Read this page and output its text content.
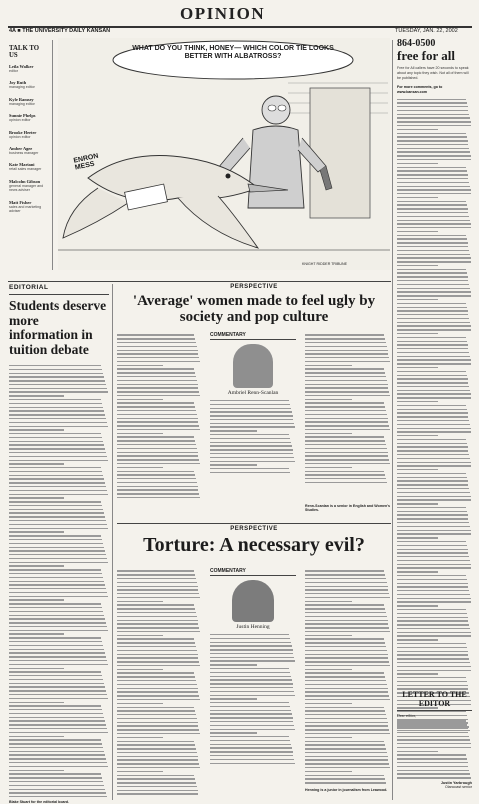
OPINION
4A ■ THE UNIVERSITY DAILY KANSAN	TUESDAY, JAN. 22, 2002
TALK TO US
Leila Walker
editor
Joy Ruth
managing editor
Kyle Ramsey
managing editor
Sunnie Phelps
opinion editor
Brooke Heeter
opinion editor
Amber Agee
business manager
Kate Mariani
retail sales manager
Malcolm Gibson
general manager and news adviser
Matt Fisher
sales and marketing adviser
WHAT DO YOU THINK, HONEY— WHICH COLOR TIE LOOKS BETTER WITH ALBATROSS?
ENRON MESS
KNIGHT RIDDER TRIBUNE
864-0500
free for all
Free for All callers have 20 seconds to speak about any topic they wish. Not all of them will be published.
For more comments, go to www.kansan.com
EDITORIAL
Students deserve more information in tuition debate
Blake Stuart for the editorial board.
PERSPECTIVE
'Average' women made to feel ugly by society and pop culture
COMMENTARY
Ambriel Renn-Scanlan
Renn-Scanlan is a senior in English and Women's Studies.
PERSPECTIVE
Torture: A necessary evil?
COMMENTARY
Justin Henning
Henning is a junior in journalism from Leawood.
LETTER TO THE EDITOR
Dear editor,
Justin Yarbrough
Olancoast senior
